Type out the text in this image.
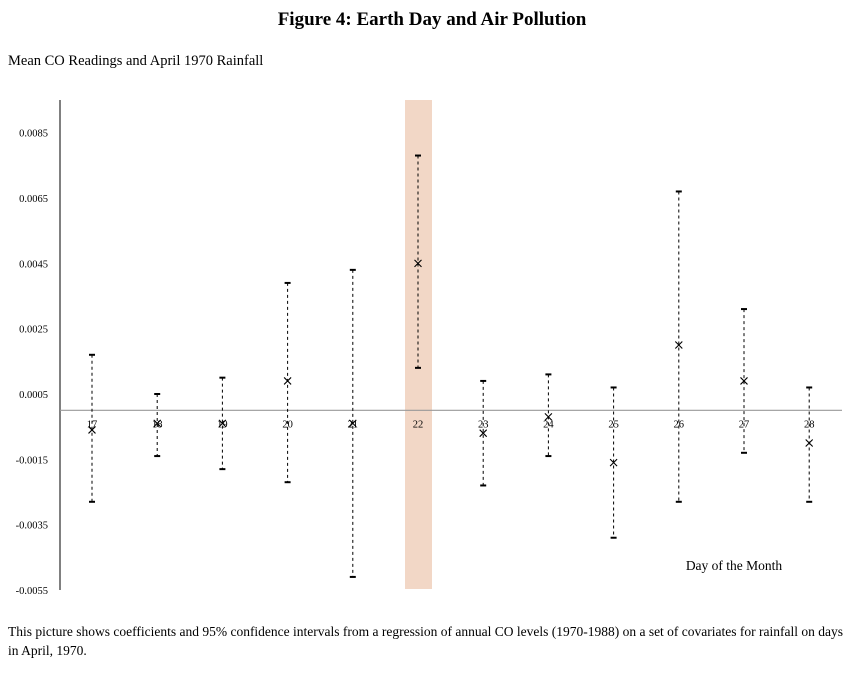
Figure 4: Earth Day and Air Pollution
Mean CO Readings and April 1970 Rainfall
0.0085
0.0065
0.0045
0.0025
0.0005
-0.0015
-0.0035
-0.0055
17	18	19	20	21	22	23	24	25	26	27	28
Day of the Month
This picture shows coefficients and 95% confidence intervals from a regression of annual CO levels (1970-1988) on a set of covariates for rainfall on days in April, 1970.
